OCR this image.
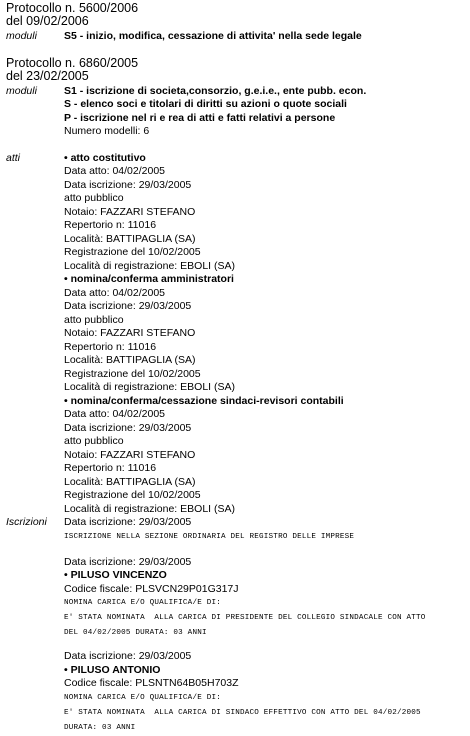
Protocollo n. 5600/2006
del 09/02/2006
moduli	S5 - inizio, modifica, cessazione di attivita' nella sede legale
Protocollo n. 6860/2005
del 23/02/2005
moduli	S1 - iscrizione di societa,consorzio, g.e.i.e., ente pubb. econ.
S - elenco soci e titolari di diritti su azioni o quote sociali
P - iscrizione nel ri e rea di atti e fatti relativi a persone
Numero modelli: 6
atti	• atto costitutivo
Data atto: 04/02/2005
Data iscrizione: 29/03/2005
atto pubblico
Notaio: FAZZARI STEFANO
Repertorio n: 11016
Località: BATTIPAGLIA (SA)
Registrazione del 10/02/2005
Località di registrazione: EBOLI (SA)
• nomina/conferma amministratori
Data atto: 04/02/2005
Data iscrizione: 29/03/2005
atto pubblico
Notaio: FAZZARI STEFANO
Repertorio n: 11016
Località: BATTIPAGLIA (SA)
Registrazione del 10/02/2005
Località di registrazione: EBOLI (SA)
• nomina/conferma/cessazione sindaci-revisori contabili
Data atto: 04/02/2005
Data iscrizione: 29/03/2005
atto pubblico
Notaio: FAZZARI STEFANO
Repertorio n: 11016
Località: BATTIPAGLIA (SA)
Registrazione del 10/02/2005
Località di registrazione: EBOLI (SA)
Iscrizioni	Data iscrizione: 29/03/2005
ISCRIZIONE NELLA SEZIONE ORDINARIA DEL REGISTRO DELLE IMPRESE
Data iscrizione: 29/03/2005
• PILUSO VINCENZO
Codice fiscale: PLSVCN29P01G317J
NOMINA CARICA E/O QUALIFICA/E DI:
E' STATA NOMINATA  ALLA CARICA DI PRESIDENTE DEL COLLEGIO SINDACALE CON ATTO
DEL 04/02/2005 DURATA: 03 ANNI
Data iscrizione: 29/03/2005
• PILUSO ANTONIO
Codice fiscale: PLSNTN64B05H703Z
NOMINA CARICA E/O QUALIFICA/E DI:
E' STATA NOMINATA  ALLA CARICA DI SINDACO EFFETTIVO CON ATTO DEL 04/02/2005
DURATA: 03 ANNI
